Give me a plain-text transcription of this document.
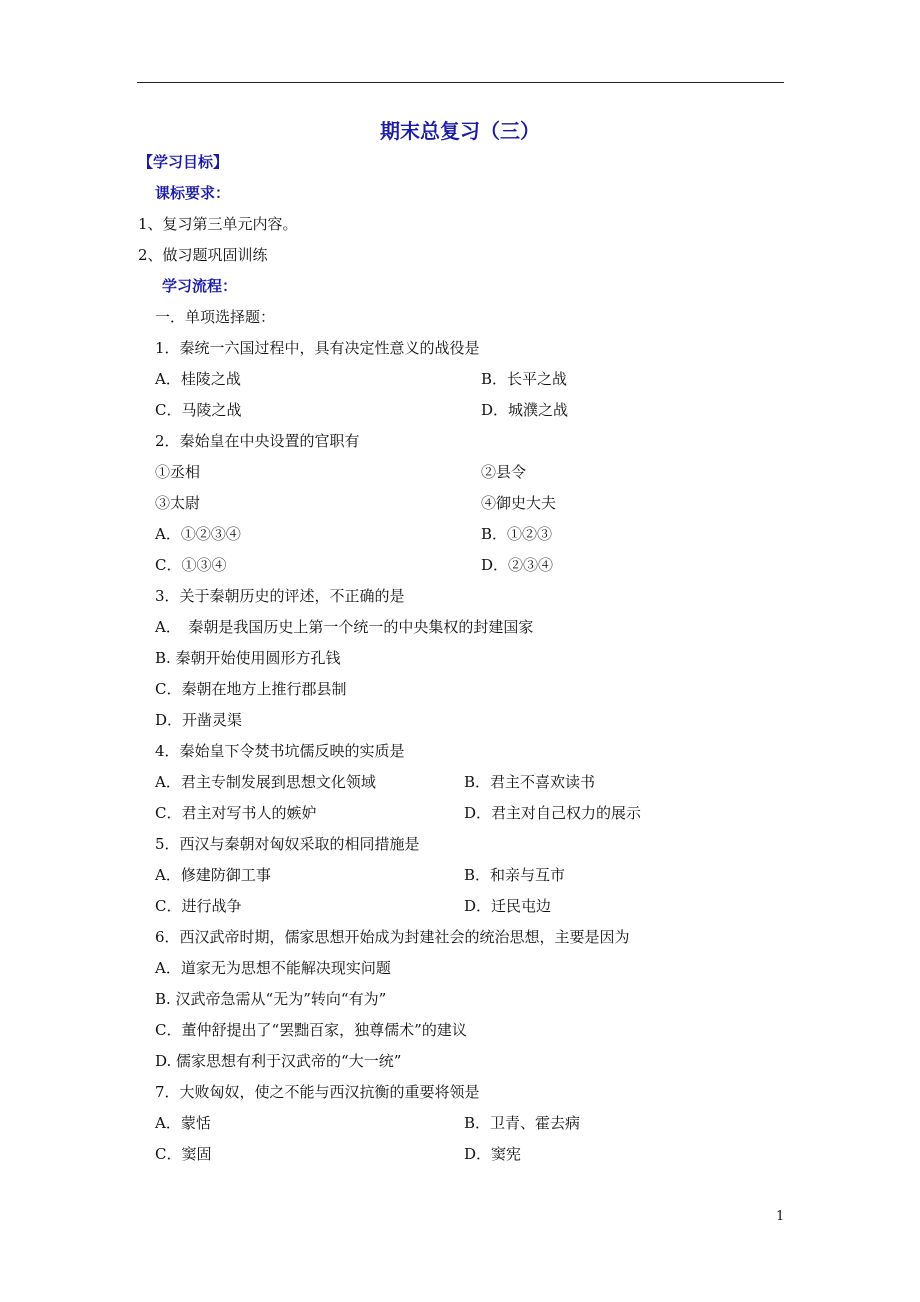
期末总复习（三）
【学习目标】
课标要求：
1、复习第三单元内容。
2、做习题巩固训练
学习流程：
一．单项选择题：
1．秦统一六国过程中，具有决定性意义的战役是
A．桂陵之战	B．长平之战
C．马陵之战	D．城濮之战
2．秦始皇在中央设置的官职有
①丞相	②县令
③太尉	④御史大夫
A．①②③④	B．①②③
C．①③④	D．②③④
3．关于秦朝历史的评述，不正确的是
A．　秦朝是我国历史上第一个统一的中央集权的封建国家
B. 秦朝开始使用圆形方孔钱
C．秦朝在地方上推行郡县制
D．开凿灵渠
4．秦始皇下令焚书坑儒反映的实质是
A．君主专制发展到思想文化领域	B．君主不喜欢读书
C．君主对写书人的嫉妒	D．君主对自己权力的展示
5．西汉与秦朝对匈奴采取的相同措施是
A．修建防御工事	B．和亲与互市
C．进行战争	D．迁民屯边
6．西汉武帝时期，儒家思想开始成为封建社会的统治思想，主要是因为
A．道家无为思想不能解决现实问题
B. 汉武帝急需从“无为”转向“有为”
C．董仲舒提出了“罢黜百家，独尊儒术”的建议
D. 儒家思想有利于汉武帝的“大一统”
7．大败匈奴，使之不能与西汉抗衡的重要将领是
A．蒙恬	B．卫青、霍去病
C．窦固	D．窦宪
1
